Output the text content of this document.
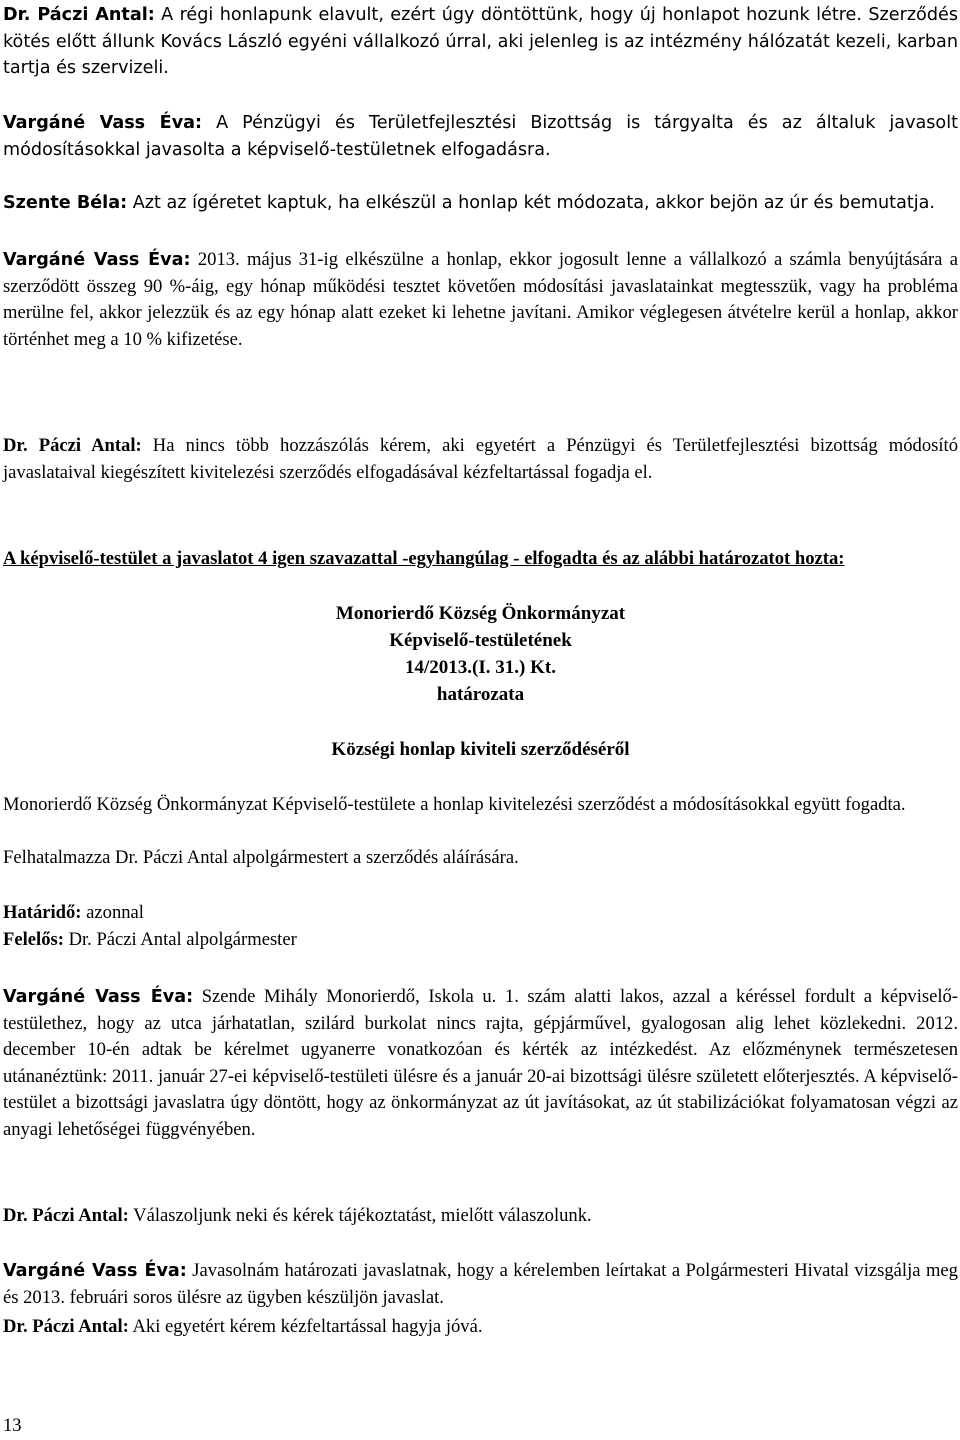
Dr. Páczi Antal: A régi honlapunk elavult, ezért úgy döntöttünk, hogy új honlapot hozunk létre. Szerződés kötés előtt állunk Kovács László egyéni vállalkozó úrral, aki jelenleg is az intézmény hálózatát kezeli, karban tartja és szervizeli.

Vargáné Vass Éva: A Pénzügyi és Területfejlesztési Bizottság is tárgyalta és az általuk javasolt módosításokkal javasolta a képviselő-testületnek elfogadásra.

Szente Béla: Azt az ígéretet kaptuk, ha elkészül a honlap két módozata, akkor bejön az úr és bemutatja.

Vargáné Vass Éva: 2013. május 31-ig elkészülne a honlap, ekkor jogosult lenne a vállalkozó a számla benyújtására a szerződött összeg 90 %-áig, egy hónap működési tesztet követően módosítási javaslatainkat megtesszük, vagy ha probléma merülne fel, akkor jelezzük és az egy hónap alatt ezeket ki lehetne javítani. Amikor véglegesen átvételre kerül a honlap, akkor történhet meg a 10 % kifizetése.

Dr. Páczi Antal: Ha nincs több hozzászólás kérem, aki egyetért a Pénzügyi és Területfejlesztési bizottság módosító javaslataival kiegészített kivitelezési szerződés elfogadásával kézfeltartással fogadja el.

A képviselő-testület a javaslatot 4 igen szavazattal -egyhangúlag - elfogadta és az alábbi határozatot hozta:

Monorierdő Község Önkormányzat

Képviselő-testületének

14/2013.(I. 31.) Kt.

határozata

Községi honlap kiviteli szerződéséről

Monorierdő Község Önkormányzat Képviselő-testülete a honlap kivitelezési szerződést a módosításokkal együtt fogadta.

Felhatalmazza Dr. Páczi Antal alpolgármestert a szerződés aláírására.

Határidő: azonnal

Felelős: Dr. Páczi Antal alpolgármester

Vargáné Vass Éva: Szende Mihály Monorierdő, Iskola u. 1. szám alatti lakos, azzal a kéréssel fordult a képviselő-testülethez, hogy az utca járhatatlan, szilárd burkolat nincs rajta, gépjárművel, gyalogosan alig lehet közlekedni. 2012. december 10-én adtak be kérelmet ugyanerre vonatkozóan és kérték az intézkedést. Az előzménynek természetesen utánanéztünk: 2011. január 27-ei képviselő-testületi ülésre és a január 20-ai bizottsági ülésre született előterjesztés. A képviselő-testület a bizottsági javaslatra úgy döntött, hogy az önkormányzat az út javításokat, az út stabilizációkat folyamatosan végzi az anyagi lehetőségei függvényében.

Dr. Páczi Antal: Válaszoljunk neki és kérek tájékoztatást, mielőtt válaszolunk.

Vargáné Vass Éva: Javasolnám határozati javaslatnak, hogy a kérelemben leírtakat a Polgármesteri Hivatal vizsgálja meg és 2013. februári soros ülésre az ügyben készüljön javaslat.

Dr. Páczi Antal: Aki egyetért kérem kézfeltartással hagyja jóvá.

13
